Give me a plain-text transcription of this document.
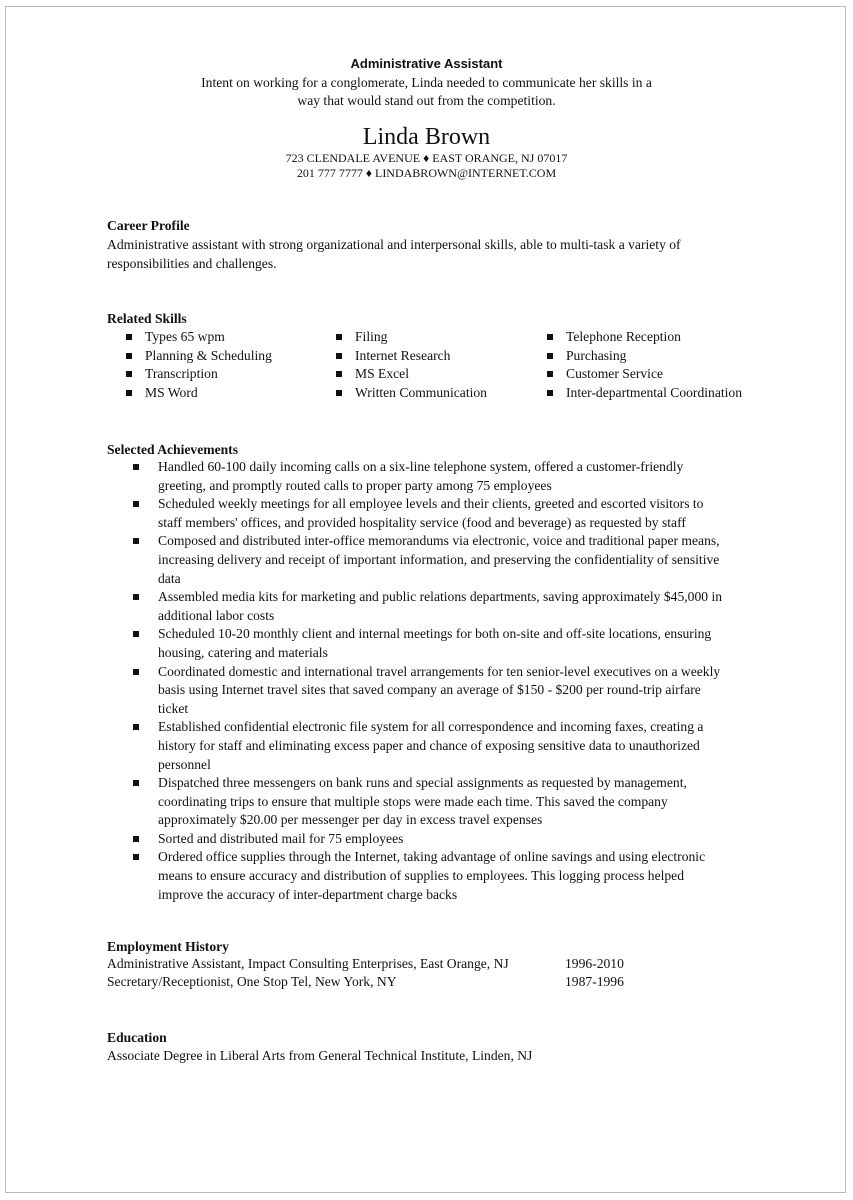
Administrative Assistant
Intent on working for a conglomerate, Linda needed to communicate her skills in a
way that would stand out from the competition.
Linda Brown
723 CLENDALE AVENUE ♦ EAST ORANGE, NJ 07017
201 777 7777 ♦ LINDABROWN@INTERNET.COM
Career Profile
Administrative assistant with strong organizational and interpersonal skills, able to multi-task a variety of
responsibilities and challenges.
Related Skills
Types 65 wpm
Planning & Scheduling
Transcription
MS Word
Filing
Internet Research
MS Excel
Written Communication
Telephone Reception
Purchasing
Customer Service
Inter-departmental Coordination
Selected Achievements
Handled 60-100 daily incoming calls on a six-line telephone system, offered a customer-friendly
greeting, and promptly routed calls to proper party among 75 employees
Scheduled weekly meetings for all employee levels and their clients, greeted and escorted visitors to
staff members' offices, and provided hospitality service (food and beverage) as requested by staff
Composed and distributed inter-office memorandums via electronic, voice and traditional paper means,
increasing delivery and receipt of important information, and preserving the confidentiality of sensitive
data
Assembled media kits for marketing and public relations departments, saving approximately $45,000 in
additional labor costs
Scheduled 10-20 monthly client and internal meetings for both on-site and off-site locations, ensuring
housing, catering and materials
Coordinated domestic and international travel arrangements for ten senior-level executives on a weekly
basis using Internet travel sites that saved company an average of $150 - $200 per round-trip airfare
ticket
Established confidential electronic file system for all correspondence and incoming faxes, creating a
history for staff and eliminating excess paper and chance of exposing sensitive data to unauthorized
personnel
Dispatched three messengers on bank runs and special assignments as requested by management,
coordinating trips to ensure that multiple stops were made each time. This saved the company
approximately $20.00 per messenger per day in excess travel expenses
Sorted and distributed mail for 75 employees
Ordered office supplies through the Internet, taking advantage of online savings and using electronic
means to ensure accuracy and distribution of supplies to employees. This logging process helped
improve the accuracy of inter-department charge backs
Employment History
Administrative Assistant, Impact Consulting Enterprises, East Orange, NJ	1996-2010
Secretary/Receptionist, One Stop Tel, New York, NY	1987-1996
Education
Associate Degree in Liberal Arts from General Technical Institute, Linden, NJ
